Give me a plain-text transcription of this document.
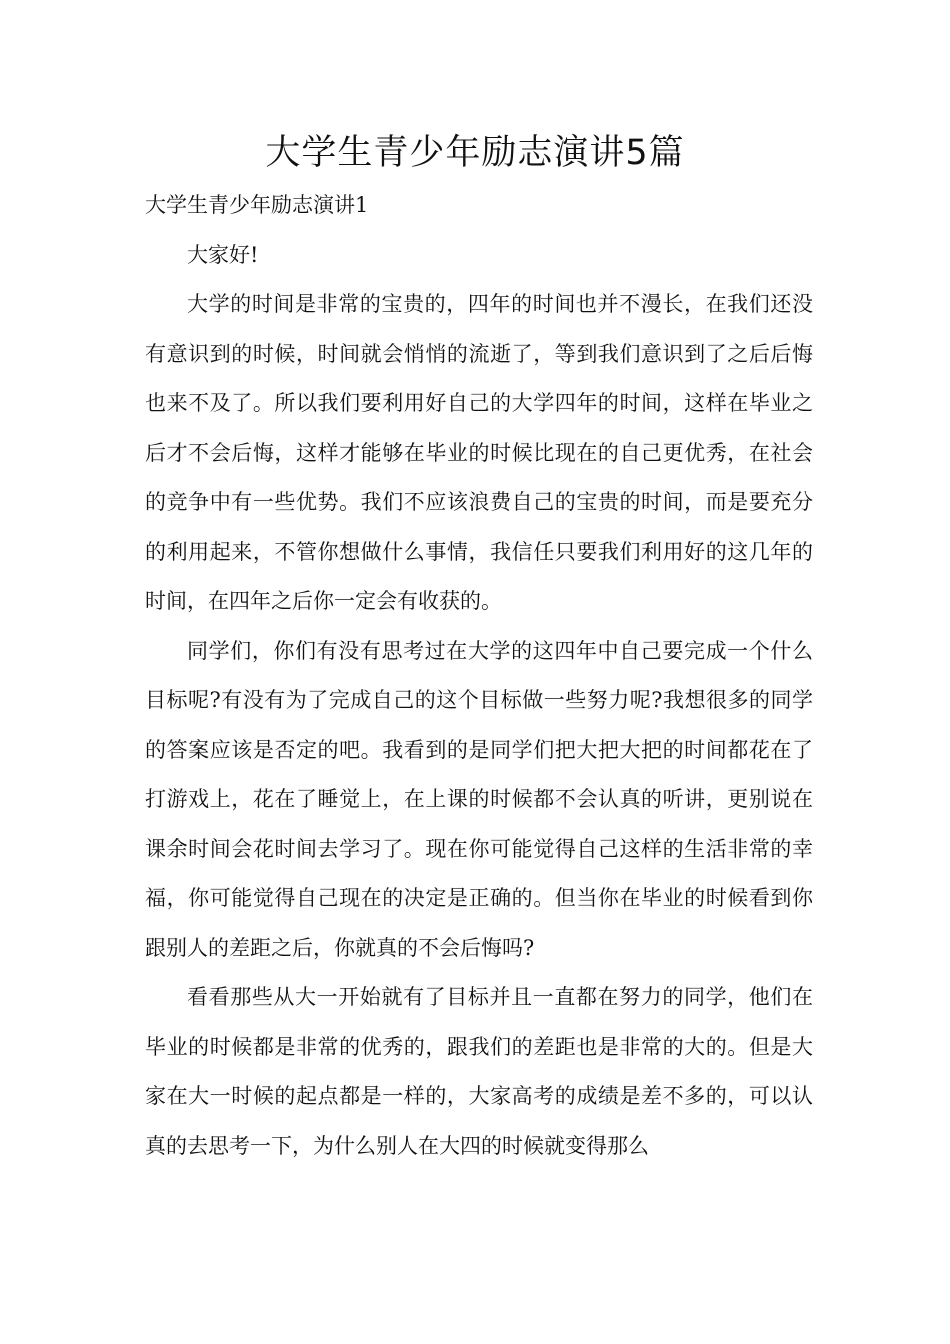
大学生青少年励志演讲5篇
大学生青少年励志演讲1

大家好!

大学的时间是非常的宝贵的，四年的时间也并不漫长，在我们还没有意识到的时候，时间就会悄悄的流逝了，等到我们意识到了之后后悔也来不及了。所以我们要利用好自己的大学四年的时间，这样在毕业之后才不会后悔，这样才能够在毕业的时候比现在的自己更优秀，在社会的竞争中有一些优势。我们不应该浪费自己的宝贵的时间，而是要充分的利用起来，不管你想做什么事情，我信任只要我们利用好的这几年的时间，在四年之后你一定会有收获的。

同学们，你们有没有思考过在大学的这四年中自己要完成一个什么目标呢?有没有为了完成自己的这个目标做一些努力呢?我想很多的同学的答案应该是否定的吧。我看到的是同学们把大把大把的时间都花在了打游戏上，花在了睡觉上，在上课的时候都不会认真的听讲，更别说在课余时间会花时间去学习了。现在你可能觉得自己这样的生活非常的幸福，你可能觉得自己现在的决定是正确的。但当你在毕业的时候看到你跟别人的差距之后，你就真的不会后悔吗?

看看那些从大一开始就有了目标并且一直都在努力的同学，他们在毕业的时候都是非常的优秀的，跟我们的差距也是非常的大的。但是大家在大一时候的起点都是一样的，大家高考的成绩是差不多的，可以认真的去思考一下，为什么别人在大四的时候就变得那么
